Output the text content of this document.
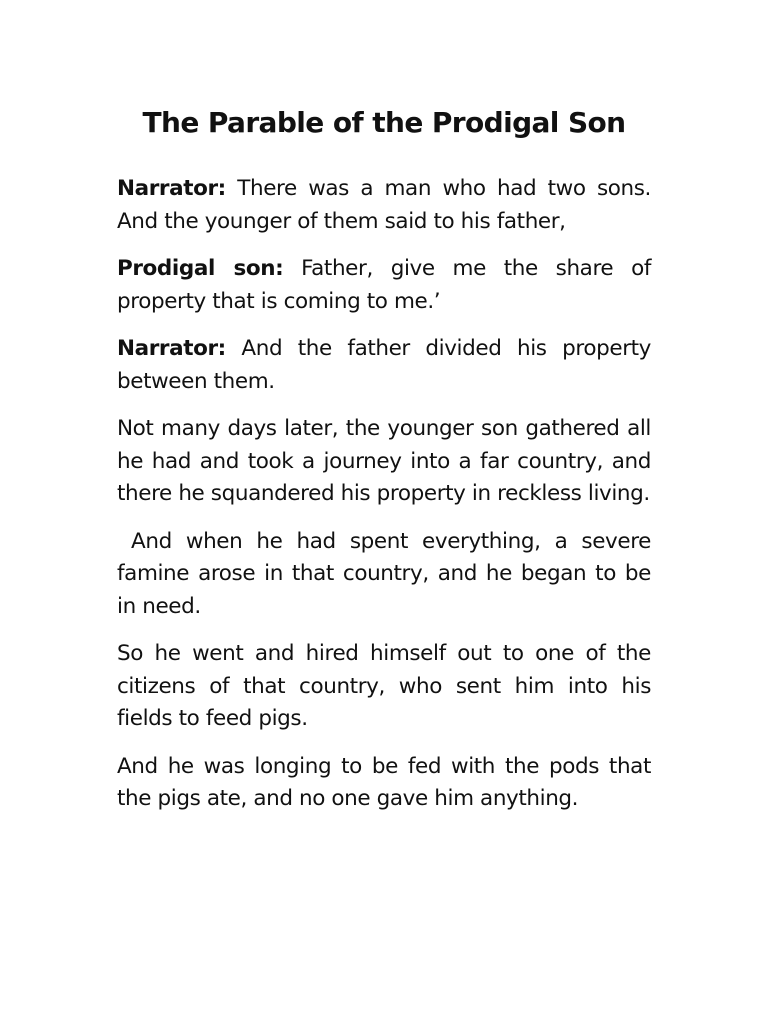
The Parable of the Prodigal Son

Narrator: There was a man who had two sons. And the younger of them said to his father,

Prodigal son: Father, give me the share of property that is coming to me.’

Narrator: And the father divided his property between them.

Not many days later, the younger son gathered all he had and took a journey into a far country, and there he squandered his property in reckless living.

And when he had spent everything, a severe famine arose in that country, and he began to be in need.

So he went and hired himself out to one of the citizens of that country, who sent him into his fields to feed pigs.

And he was longing to be fed with the pods that the pigs ate, and no one gave him anything.
